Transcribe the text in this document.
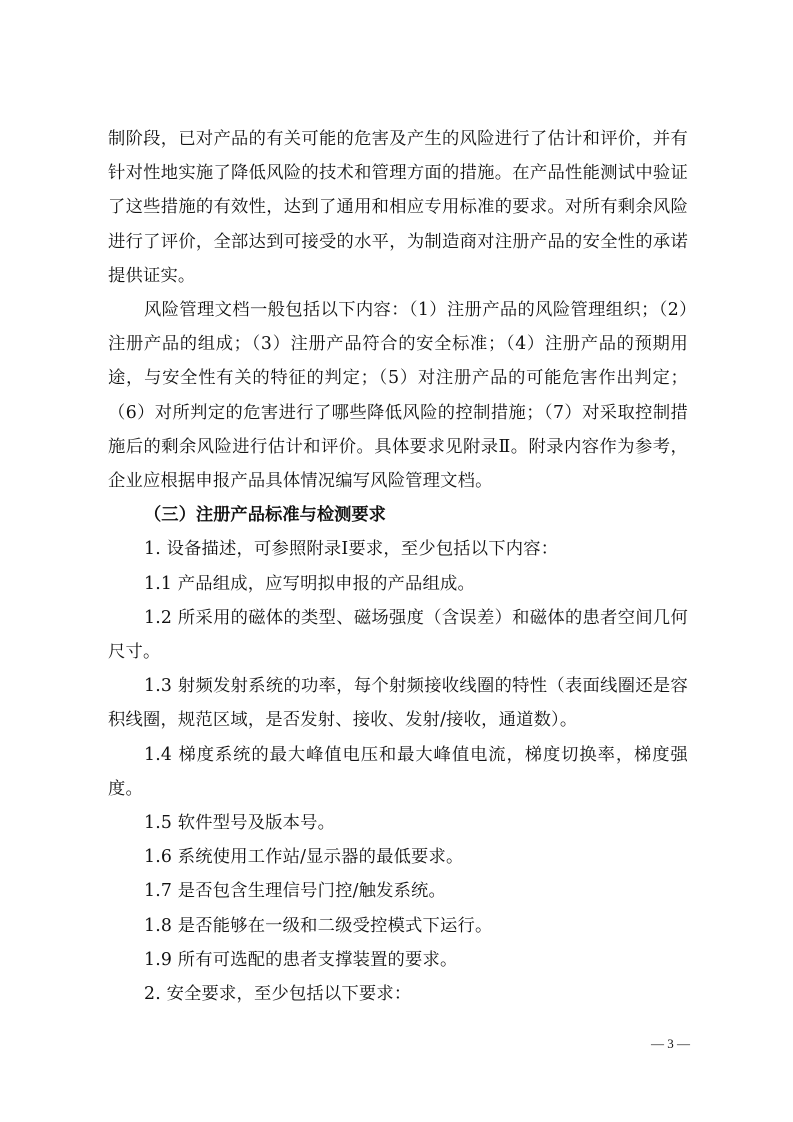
制阶段，已对产品的有关可能的危害及产生的风险进行了估计和评价，并有针对性地实施了降低风险的技术和管理方面的措施。在产品性能测试中验证了这些措施的有效性，达到了通用和相应专用标准的要求。对所有剩余风险进行了评价，全部达到可接受的水平，为制造商对注册产品的安全性的承诺提供证实。

风险管理文档一般包括以下内容：（1）注册产品的风险管理组织；（2）注册产品的组成；（3）注册产品符合的安全标准；（4）注册产品的预期用途，与安全性有关的特征的判定；（5）对注册产品的可能危害作出判定；（6）对所判定的危害进行了哪些降低风险的控制措施；（7）对采取控制措施后的剩余风险进行估计和评价。具体要求见附录Ⅱ。附录内容作为参考，企业应根据申报产品具体情况编写风险管理文档。

（三）注册产品标准与检测要求

1. 设备描述，可参照附录I要求，至少包括以下内容：

1.1 产品组成，应写明拟申报的产品组成。

1.2 所采用的磁体的类型、磁场强度（含误差）和磁体的患者空间几何尺寸。

1.3 射频发射系统的功率，每个射频接收线圈的特性（表面线圈还是容积线圈，规范区域，是否发射、接收、发射/接收，通道数）。

1.4 梯度系统的最大峰值电压和最大峰值电流，梯度切换率，梯度强度。

1.5 软件型号及版本号。

1.6 系统使用工作站/显示器的最低要求。

1.7 是否包含生理信号门控/触发系统。

1.8 是否能够在一级和二级受控模式下运行。

1.9 所有可选配的患者支撑装置的要求。

2. 安全要求，至少包括以下要求：

— 3 —
